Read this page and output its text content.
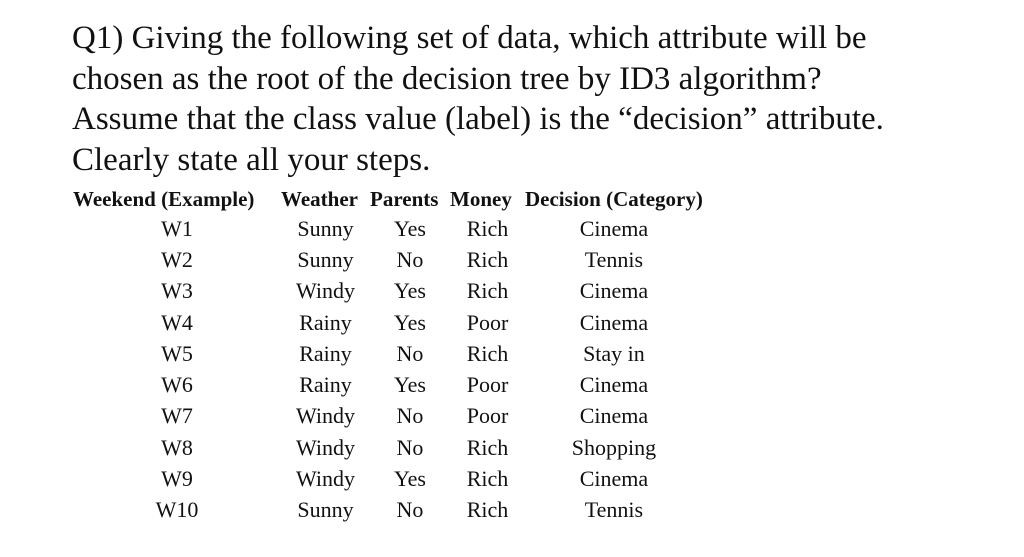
Q1) Giving the following set of data, which attribute will be
chosen as the root of the decision tree by ID3 algorithm?
Assume that the class value (label) is the “decision” attribute.
Clearly state all your steps.
Weekend (Example)	Weather	Parents	Money	Decision (Category)
W1	Sunny	Yes	Rich	Cinema
W2	Sunny	No	Rich	Tennis
W3	Windy	Yes	Rich	Cinema
W4	Rainy	Yes	Poor	Cinema
W5	Rainy	No	Rich	Stay in
W6	Rainy	Yes	Poor	Cinema
W7	Windy	No	Poor	Cinema
W8	Windy	No	Rich	Shopping
W9	Windy	Yes	Rich	Cinema
W10	Sunny	No	Rich	Tennis
